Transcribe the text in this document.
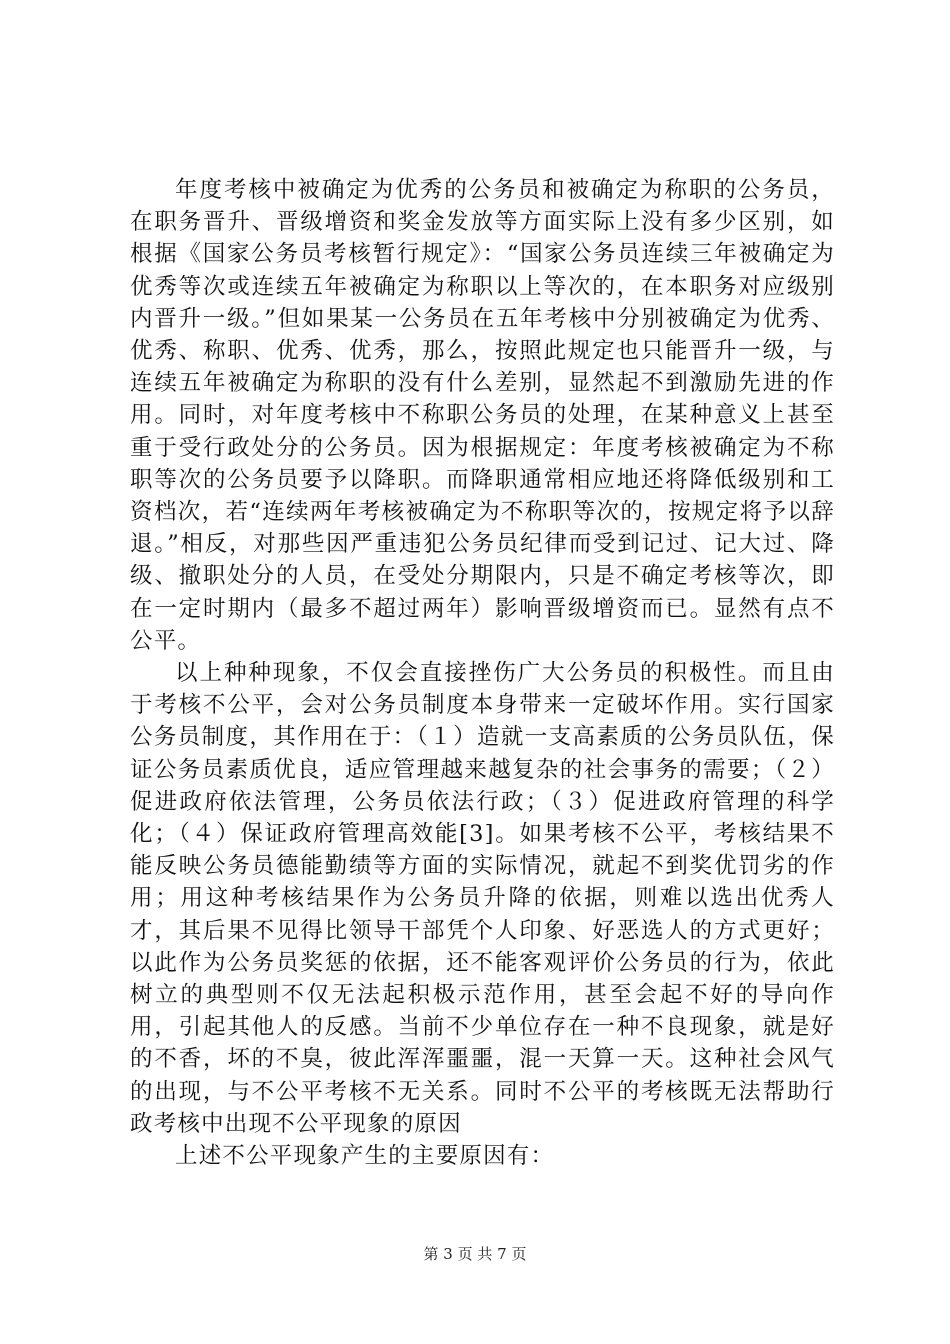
年度考核中被确定为优秀的公务员和被确定为称职的公务员，在职务晋升、晋级增资和奖金发放等方面实际上没有多少区别，如根据《国家公务员考核暂行规定》：“国家公务员连续三年被确定为优秀等次或连续五年被确定为称职以上等次的，在本职务对应级别内晋升一级。”但如果某一公务员在五年考核中分别被确定为优秀、优秀、称职、优秀、优秀，那么，按照此规定也只能晋升一级，与连续五年被确定为称职的没有什么差别，显然起不到激励先进的作用。同时，对年度考核中不称职公务员的处理，在某种意义上甚至重于受行政处分的公务员。因为根据规定：年度考核被确定为不称职等次的公务员要予以降职。而降职通常相应地还将降低级别和工资档次，若“连续两年考核被确定为不称职等次的，按规定将予以辞退。”相反，对那些因严重违犯公务员纪律而受到记过、记大过、降级、撤职处分的人员，在受处分期限内，只是不确定考核等次，即在一定时期内（最多不超过两年）影响晋级增资而已。显然有点不公平。

以上种种现象，不仅会直接挫伤广大公务员的积极性。而且由于考核不公平，会对公务员制度本身带来一定破坏作用。实行国家公务员制度，其作用在于：（１）造就一支高素质的公务员队伍，保证公务员素质优良，适应管理越来越复杂的社会事务的需要；（２）促进政府依法管理，公务员依法行政；（３）促进政府管理的科学化；（４）保证政府管理高效能[3]。如果考核不公平，考核结果不能反映公务员德能勤绩等方面的实际情况，就起不到奖优罚劣的作用；用这种考核结果作为公务员升降的依据，则难以选出优秀人才，其后果不见得比领导干部凭个人印象、好恶选人的方式更好；以此作为公务员奖惩的依据，还不能客观评价公务员的行为，依此树立的典型则不仅无法起积极示范作用，甚至会起不好的导向作用，引起其他人的反感。当前不少单位存在一种不良现象，就是好的不香，坏的不臭，彼此浑浑噩噩，混一天算一天。这种社会风气的出现，与不公平考核不无关系。同时不公平的考核既无法帮助行政考核中出现不公平现象的原因

上述不公平现象产生的主要原因有：

第 3 页 共 7 页
